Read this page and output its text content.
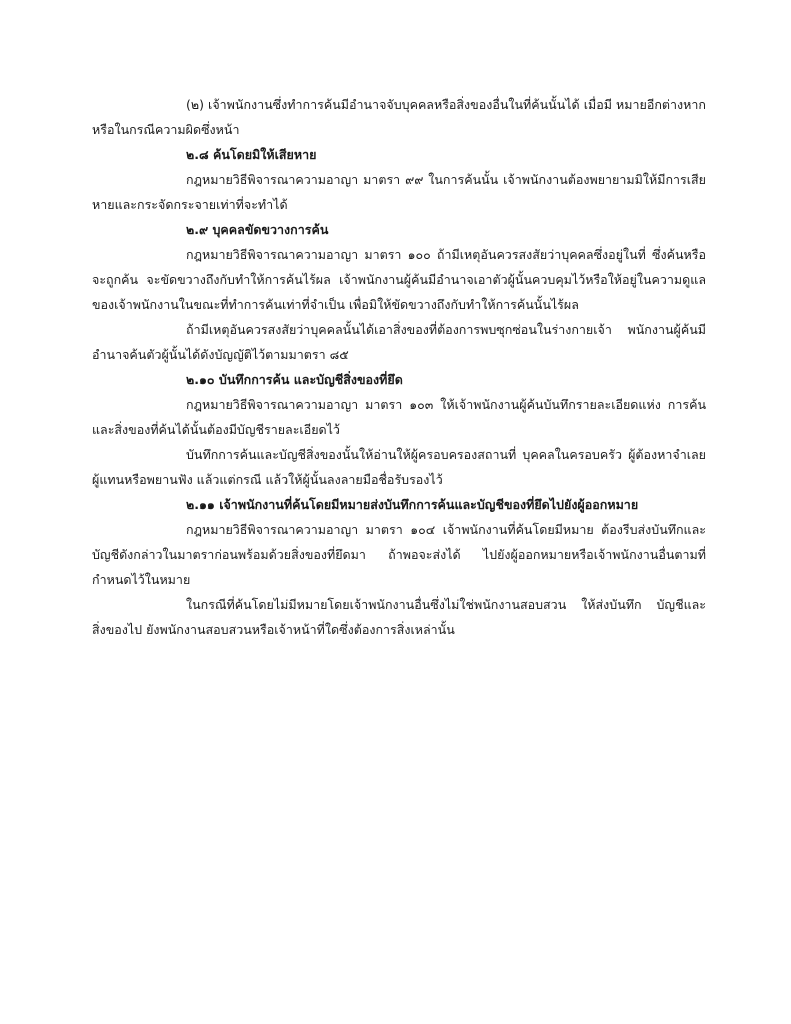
(๒) เจ้าพนักงานซึ่งทำการค้นมีอำนาจจับบุคคลหรือสิ่งของอื่นในที่ค้นนั้นได้ เมื่อมี หมายอีกต่างหาก หรือในกรณีความผิดซึ่งหน้า

๒.๘ ค้นโดยมิให้เสียหาย

กฎหมายวิธีพิจารณาความอาญา มาตรา ๙๙ ในการค้นนั้น เจ้าพนักงานต้องพยายามมิให้มีการเสียหายและกระจัดกระจายเท่าที่จะทำได้

๒.๙ บุคคลขัดขวางการค้น

กฎหมายวิธีพิจารณาความอาญา มาตรา ๑๐๐ ถ้ามีเหตุอันควรสงสัยว่าบุคคลซึ่งอยู่ในที่ ซึ่งค้นหรือจะถูกค้น จะขัดขวางถึงกับทำให้การค้นไร้ผล เจ้าพนักงานผู้ค้นมีอำนาจเอาตัวผู้นั้นควบคุมไว้หรือให้อยู่ในความดูแลของเจ้าพนักงานในขณะที่ทำการค้นเท่าที่จำเป็น เพื่อมิให้ขัดขวางถึงกับทำให้การค้นนั้นไร้ผล

ถ้ามีเหตุอันควรสงสัยว่าบุคคลนั้นได้เอาสิ่งของที่ต้องการพบซุกซ่อนในร่างกายเจ้า พนักงานผู้ค้นมีอำนาจค้นตัวผู้นั้นได้ดังบัญญัติไว้ตามมาตรา ๘๕

๒.๑๐ บันทึกการค้น และบัญชีสิ่งของที่ยึด

กฎหมายวิธีพิจารณาความอาญา มาตรา ๑๐๓ ให้เจ้าพนักงานผู้ค้นบันทึกรายละเอียดแห่ง การค้น และสิ่งของที่ค้นได้นั้นต้องมีบัญชีรายละเอียดไว้

บันทึกการค้นและบัญชีสิ่งของนั้นให้อ่านให้ผู้ครอบครองสถานที่ บุคคลในครอบครัว ผู้ต้องหาจำเลย ผู้แทนหรือพยานฟัง แล้วแต่กรณี แล้วให้ผู้นั้นลงลายมือชื่อรับรองไว้

๒.๑๑ เจ้าพนักงานที่ค้นโดยมีหมายส่งบันทึกการค้นและบัญชีของที่ยึดไปยังผู้ออกหมาย

กฎหมายวิธีพิจารณาความอาญา มาตรา ๑๐๔ เจ้าพนักงานที่ค้นโดยมีหมาย ต้องรีบส่งบันทึกและ บัญชีดังกล่าวในมาตราก่อนพร้อมด้วยสิ่งของที่ยึดมา ถ้าพอจะส่งได้ ไปยังผู้ออกหมายหรือเจ้าพนักงานอื่นตามที่ กำหนดไว้ในหมาย

ในกรณีที่ค้นโดยไม่มีหมายโดยเจ้าพนักงานอื่นซึ่งไม่ใช่พนักงานสอบสวน ให้ส่งบันทึก บัญชีและสิ่งของไป ยังพนักงานสอบสวนหรือเจ้าหน้าที่ใดซึ่งต้องการสิ่งเหล่านั้น
